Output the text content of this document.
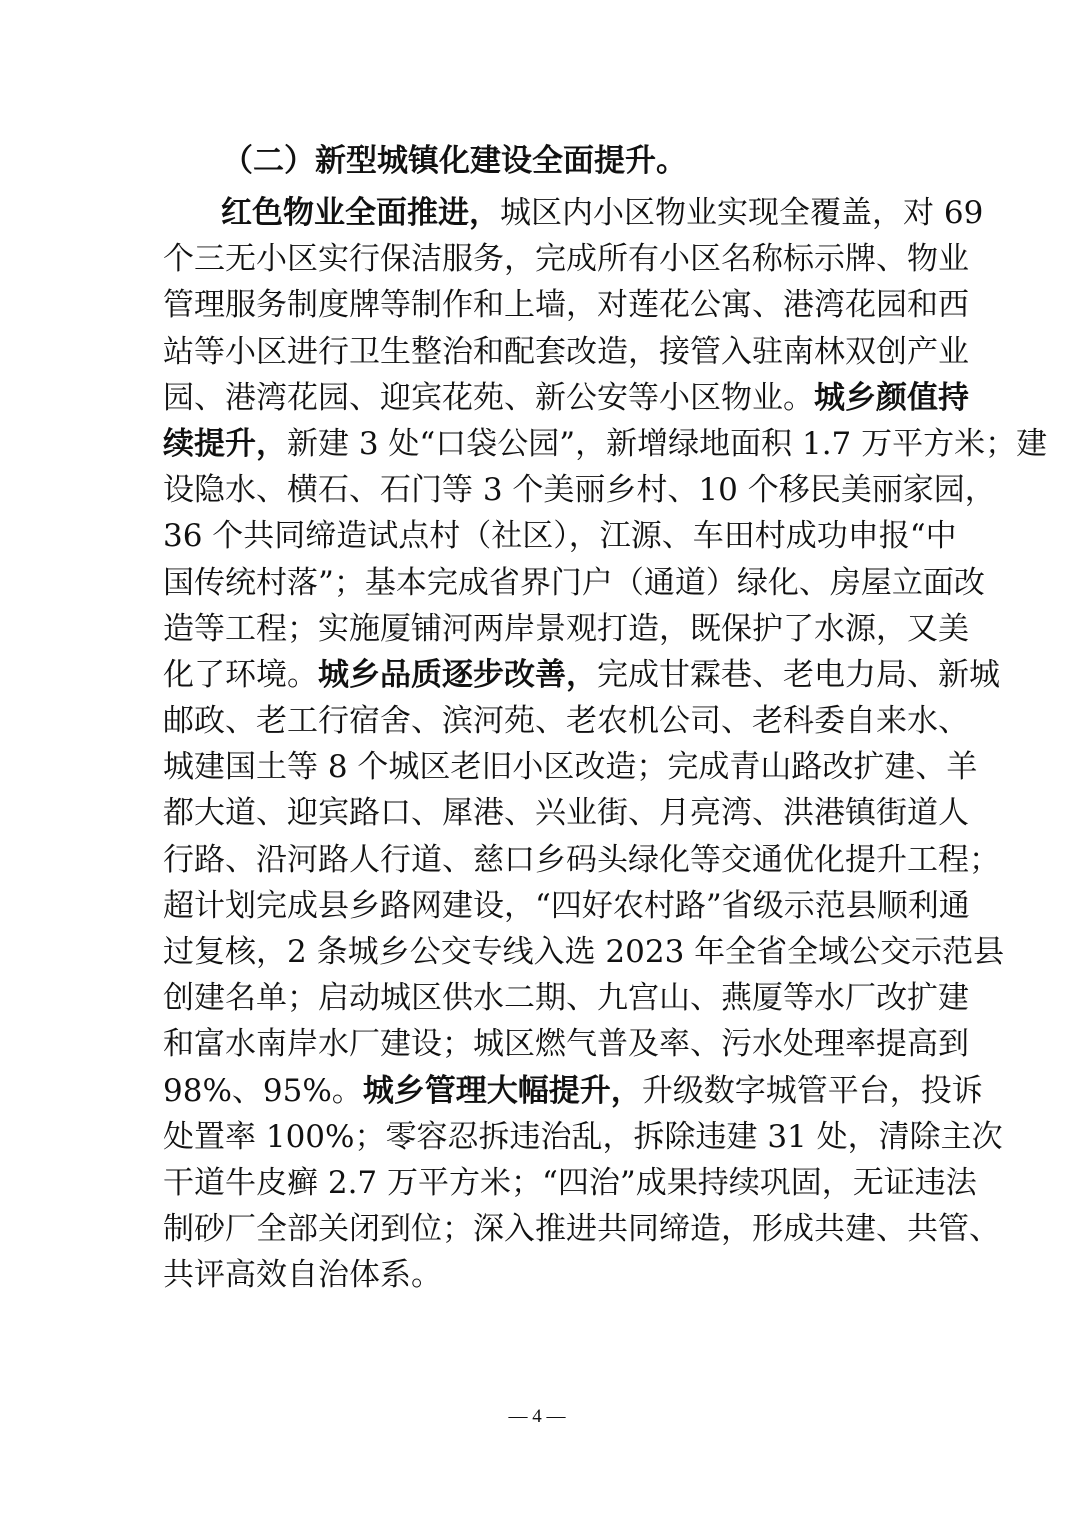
（二）新型城镇化建设全面提升。
红色物业全面推进，城区内小区物业实现全覆盖，对 69
个三无小区实行保洁服务，完成所有小区名称标示牌、物业
管理服务制度牌等制作和上墙，对莲花公寓、港湾花园和西
站等小区进行卫生整治和配套改造，接管入驻南林双创产业
园、港湾花园、迎宾花苑、新公安等小区物业。城乡颜值持
续提升，新建 3 处“口袋公园”，新增绿地面积 1.7 万平方米；建
设隐水、横石、石门等 3 个美丽乡村、10 个移民美丽家园，
36 个共同缔造试点村（社区），江源、车田村成功申报“中
国传统村落”；基本完成省界门户（通道）绿化、房屋立面改
造等工程；实施厦铺河两岸景观打造，既保护了水源，又美
化了环境。城乡品质逐步改善，完成甘霖巷、老电力局、新城
邮政、老工行宿舍、滨河苑、老农机公司、老科委自来水、
城建国土等 8 个城区老旧小区改造；完成青山路改扩建、羊
都大道、迎宾路口、犀港、兴业街、月亮湾、洪港镇街道人
行路、沿河路人行道、慈口乡码头绿化等交通优化提升工程；
超计划完成县乡路网建设，“四好农村路”省级示范县顺利通
过复核，2 条城乡公交专线入选 2023 年全省全域公交示范县
创建名单；启动城区供水二期、九宫山、燕厦等水厂改扩建
和富水南岸水厂建设；城区燃气普及率、污水处理率提高到
98%、95%。城乡管理大幅提升，升级数字城管平台，投诉
处置率 100%；零容忍拆违治乱，拆除违建 31 处，清除主次
干道牛皮癣 2.7 万平方米；“四治”成果持续巩固，无证违法
制砂厂全部关闭到位；深入推进共同缔造，形成共建、共管、
共评高效自治体系。
— 4 —
